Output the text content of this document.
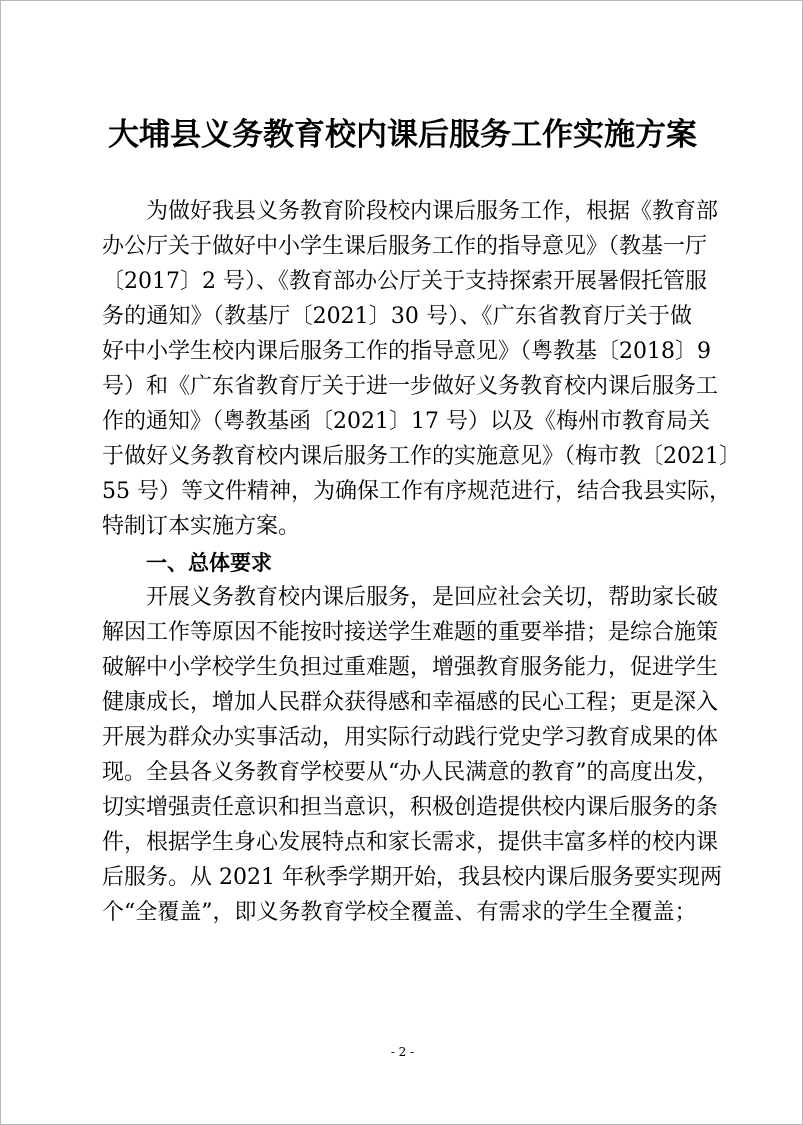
大埔县义务教育校内课后服务工作实施方案

为做好我县义务教育阶段校内课后服务工作，根据《教育部

办公厅关于做好中小学生课后服务工作的指导意见》（教基一厅

〔2017〕2 号）、《教育部办公厅关于支持探索开展暑假托管服

务的通知》（教基厅〔2021〕30 号）、《广东省教育厅关于做

好中小学生校内课后服务工作的指导意见》（粤教基〔2018〕9

号）和《广东省教育厅关于进一步做好义务教育校内课后服务工

作的通知》（粤教基函〔2021〕17 号）以及《梅州市教育局关

于做好义务教育校内课后服务工作的实施意见》（梅市教〔2021〕

55 号）等文件精神，为确保工作有序规范进行，结合我县实际，

特制订本实施方案。

一、总体要求

开展义务教育校内课后服务，是回应社会关切，帮助家长破

解因工作等原因不能按时接送学生难题的重要举措；是综合施策

破解中小学校学生负担过重难题，增强教育服务能力，促进学生

健康成长，增加人民群众获得感和幸福感的民心工程；更是深入

开展为群众办实事活动，用实际行动践行党史学习教育成果的体

现。全县各义务教育学校要从“办人民满意的教育”的高度出发，

切实增强责任意识和担当意识，积极创造提供校内课后服务的条

件，根据学生身心发展特点和家长需求，提供丰富多样的校内课

后服务。从 2021 年秋季学期开始，我县校内课后服务要实现两

个“全覆盖”，即义务教育学校全覆盖、有需求的学生全覆盖；

- 2 -
